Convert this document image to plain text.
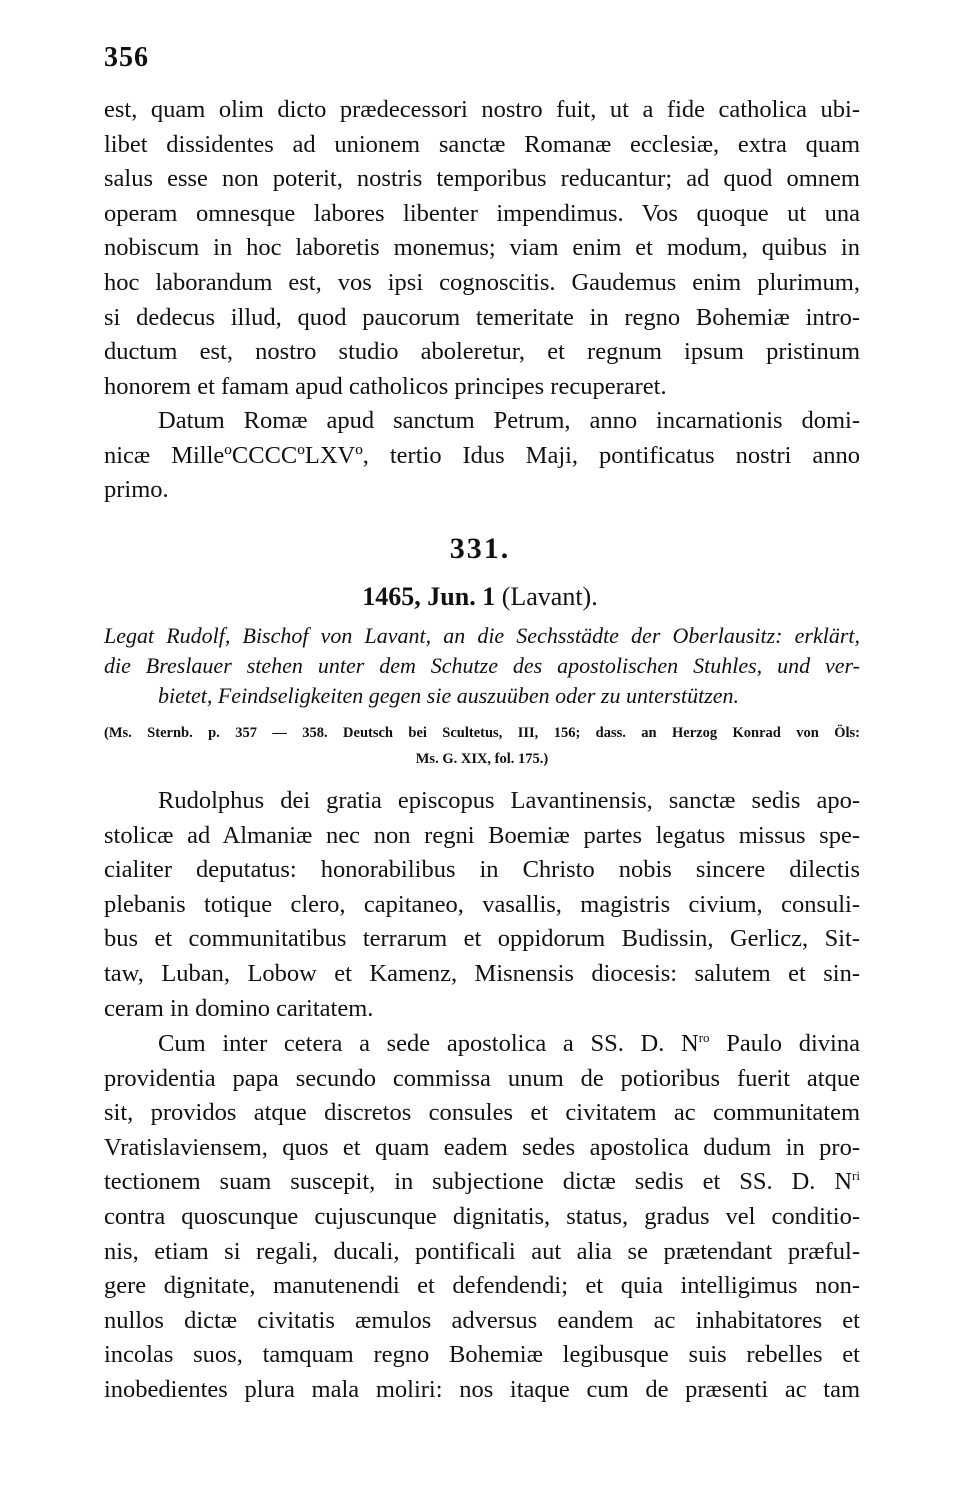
356
est, quam olim dicto prædecessori nostro fuit, ut a fide catholica ubi-
libet dissidentes ad unionem sanctæ Romanæ ecclesiæ, extra quam
salus esse non poterit, nostris temporibus reducantur; ad quod omnem
operam omnesque labores libenter impendimus. Vos quoque ut una
nobiscum in hoc laboretis monemus; viam enim et modum, quibus in
hoc laborandum est, vos ipsi cognoscitis. Gaudemus enim plurimum,
si dedecus illud, quod paucorum temeritate in regno Bohemiæ intro-
ductum est, nostro studio aboleretur, et regnum ipsum pristinum
honorem et famam apud catholicos principes recuperaret.
Datum Romæ apud sanctum Petrum, anno incarnationis domi-
nicæ MilleºCCCCºLXVº, tertio Idus Maji, pontificatus nostri anno
primo.
331.
1465, Jun. 1 (Lavant).
Legat Rudolf, Bischof von Lavant, an die Sechsstädte der Oberlausitz: erklärt,
die Breslauer stehen unter dem Schutze des apostolischen Stuhles, und ver-
bietet, Feindseligkeiten gegen sie auszuüben oder zu unterstützen.
(Ms. Sternb. p. 357 — 358. Deutsch bei Scultetus, III, 156; dass. an Herzog Konrad von Öls:
Ms. G. XIX, fol. 175.)
Rudolphus dei gratia episcopus Lavantinensis, sanctæ sedis apo-
stolicæ ad Almaniæ nec non regni Boemiæ partes legatus missus spe-
cialiter deputatus: honorabilibus in Christo nobis sincere dilectis
plebanis totique clero, capitaneo, vasallis, magistris civium, consuli-
bus et communitatibus terrarum et oppidorum Budissin, Gerlicz, Sit-
taw, Luban, Lobow et Kamenz, Misnensis diocesis: salutem et sin-
ceram in domino caritatem.
Cum inter cetera a sede apostolica a SS. D. $N^{ro}$ Paulo divina
providentia papa secundo commissa unum de potioribus fuerit atque
sit, providos atque discretos consules et civitatem ac communitatem
Vratislaviensem, quos et quam eadem sedes apostolica dudum in pro-
tectionem suam suscepit, in subjectione dictæ sedis et SS. D. $N^{ri}$
contra quoscunque cujuscunque dignitatis, status, gradus vel conditio-
nis, etiam si regali, ducali, pontificali aut alia se prætendant præful-
gere dignitate, manutenendi et defendendi; et quia intelligimus non-
nullos dictæ civitatis æmulos adversus eandem ac inhabitatores et
incolas suos, tamquam regno Bohemiæ legibusque suis rebelles et
inobedientes plura mala moliri: nos itaque cum de præsenti ac tam
